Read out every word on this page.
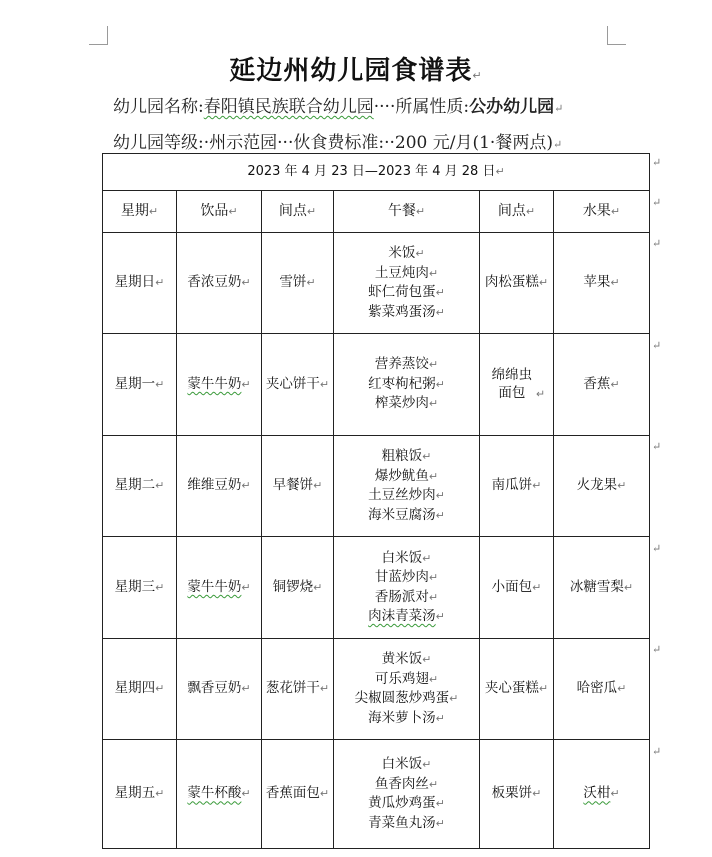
延边州幼儿园食谱表↵
幼儿园名称:春阳镇民族联合幼儿园····所属性质:公办幼儿园↵
幼儿园等级:·州示范园···伙食费标准:··200 元/月(1·餐两点)↵
2023 年 4 月 23 日—2023 年 4 月 28 日↵					
星期↵	饮品↵	间点↵	午餐↵	间点↵	水果↵
星期日↵	香浓豆奶↵	雪饼↵	米饭↵
土豆炖肉↵
虾仁荷包蛋↵
紫菜鸡蛋汤↵	肉松蛋糕↵	苹果↵
星期一↵	蒙牛牛奶↵	夹心饼干↵	营养蒸饺↵
红枣枸杞粥↵
榨菜炒肉↵	绵绵虫面包 ↵	香蕉↵
星期二↵	维维豆奶↵	早餐饼↵	粗粮饭↵
爆炒鱿鱼↵
土豆丝炒肉↵
海米豆腐汤↵	南瓜饼↵	火龙果↵
星期三↵	蒙牛牛奶↵	铜锣烧↵	白米饭↵
甘蓝炒肉↵
香肠派对↵
肉沫青菜汤↵	小面包↵	冰糖雪梨↵
星期四↵	飘香豆奶↵	葱花饼干↵	黄米饭↵
可乐鸡翅↵
尖椒圆葱炒鸡蛋↵
海米萝卜汤↵	夹心蛋糕↵	哈密瓜↵
星期五↵	蒙牛杯酸↵	香蕉面包↵	白米饭↵
鱼香肉丝↵
黄瓜炒鸡蛋↵
青菜鱼丸汤↵	板栗饼↵	沃柑↵
↵
↵
↵
↵
↵
↵
↵
↵
